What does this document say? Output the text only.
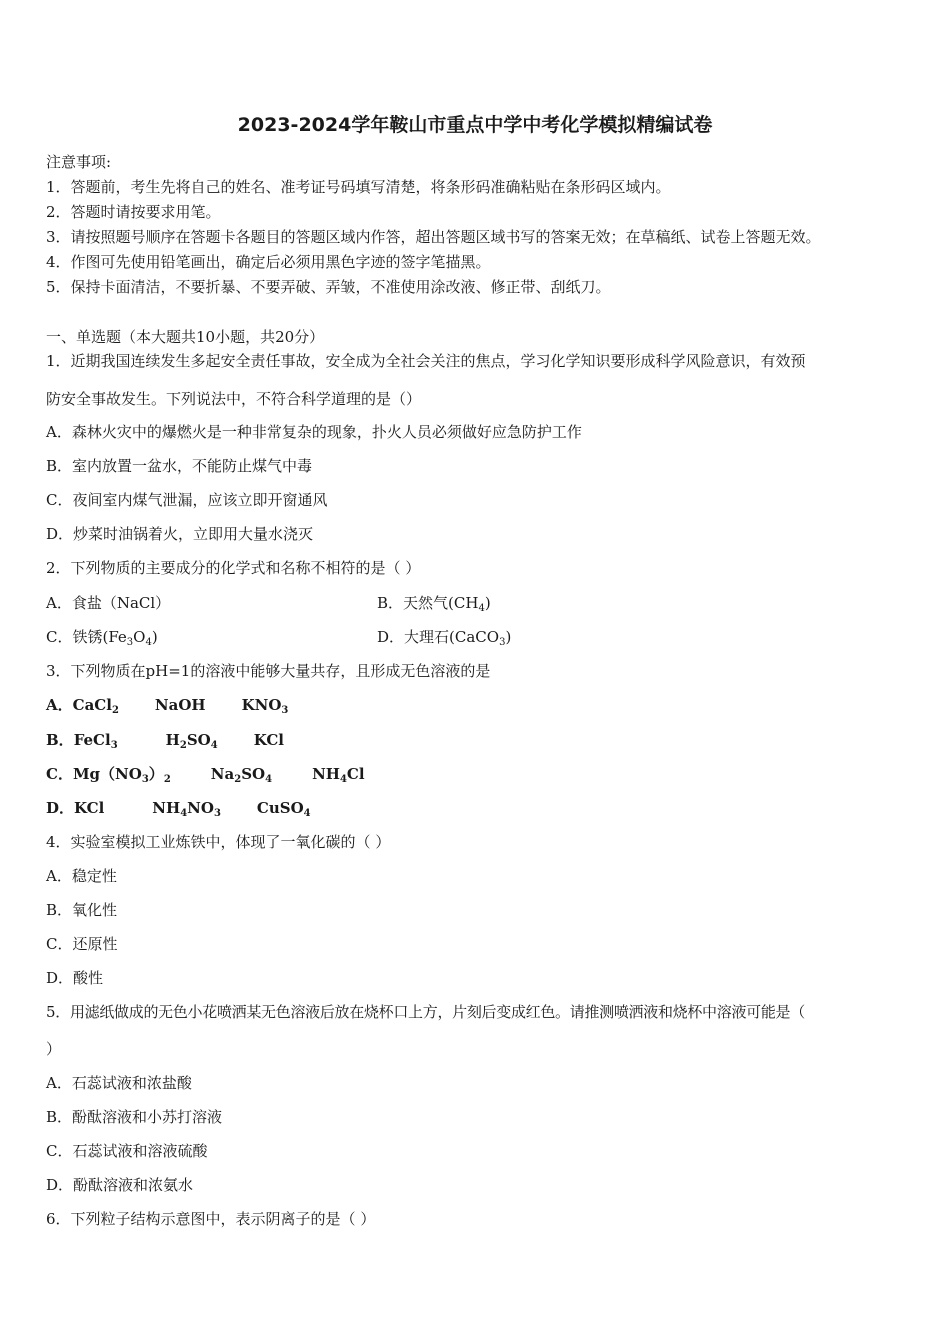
2023-2024学年鞍山市重点中学中考化学模拟精编试卷
注意事项:
1．答题前，考生先将自己的姓名、准考证号码填写清楚，将条形码准确粘贴在条形码区域内。
2．答题时请按要求用笔。
3．请按照题号顺序在答题卡各题目的答题区域内作答，超出答题区域书写的答案无效；在草稿纸、试卷上答题无效。
4．作图可先使用铅笔画出，确定后必须用黑色字迹的签字笔描黑。
5．保持卡面清洁，不要折暴、不要弄破、弄皱，不准使用涂改液、修正带、刮纸刀。
一、单选题（本大题共10小题，共20分）
1．近期我国连续发生多起安全责任事故，安全成为全社会关注的焦点，学习化学知识要形成科学风险意识，有效预
防安全事故发生。下列说法中，不符合科学道理的是（）
A．森林火灾中的爆燃火是一种非常复杂的现象，扑火人员必须做好应急防护工作
B．室内放置一盆水，不能防止煤气中毒
C．夜间室内煤气泄漏，应该立即开窗通风
D．炒菜时油锅着火，立即用大量水浇灭
2．下列物质的主要成分的化学式和名称不相符的是（ ）
A．食盐（NaCl）	B．天然气$(CH_4)$
C．铁锈$(Fe_3O_4)$	D．大理石(CaCO$_3$)
3．下列物质在pH=1的溶液中能够大量共存，且形成无色溶液的是
A．CaCl$_2$ NaOH $KNO_3$
B．FeCl$_3$	$H_2SO_4$ KCl
C．$Mg(NO_3)_2$	$Na_2SO_4$	$NH_4Cl$
D．KCl	$NH_4NO_3$ CuSO$_4$
4．实验室模拟工业炼铁中，体现了一氧化碳的（ ）
A．稳定性
B．氧化性
C．还原性
D．酸性
5．用滤纸做成的无色小花喷洒某无色溶液后放在烧杯口上方，片刻后变成红色。请推测喷洒液和烧杯中溶液可能是（
）
A．石蕊试液和浓盐酸
B．酚酞溶液和小苏打溶液
C．石蕊试液和溶液硫酸
D．酚酞溶液和浓氨水
6．下列粒子结构示意图中，表示阴离子的是（ ）
